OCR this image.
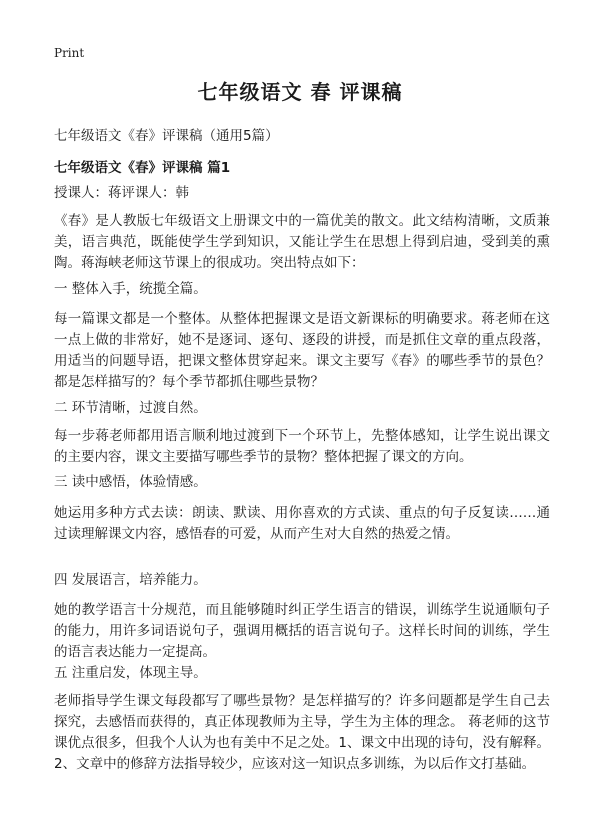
Print
七年级语文 春 评课稿

七年级语文《春》评课稿（通用5篇）

七年级语文《春》评课稿 篇1

授课人：蒋评课人：韩

《春》是人教版七年级语文上册课文中的一篇优美的散文。此文结构清晰，文质兼美，语言典范，既能使学生学到知识，又能让学生在思想上得到启迪，受到美的熏陶。蒋海峡老师这节课上的很成功。突出特点如下：

一 整体入手，统揽全篇。

每一篇课文都是一个整体。从整体把握课文是语文新课标的明确要求。蒋老师在这一点上做的非常好，她不是逐词、逐句、逐段的讲授，而是抓住文章的重点段落，用适当的问题导语，把课文整体贯穿起来。课文主要写《春》的哪些季节的景色？都是怎样描写的？每个季节都抓住哪些景物？

二 环节清晰，过渡自然。

每一步蒋老师都用语言顺利地过渡到下一个环节上，先整体感知，让学生说出课文的主要内容，课文主要描写哪些季节的景物？整体把握了课文的方向。

三 读中感悟，体验情感。

她运用多种方式去读：朗读、默读、用你喜欢的方式读、重点的句子反复读……通过读理解课文内容，感悟春的可爱，从而产生对大自然的热爱之情。

四 发展语言，培养能力。

她的教学语言十分规范，而且能够随时纠正学生语言的错误，训练学生说通顺句子的能力，用许多词语说句子，强调用概括的语言说句子。这样长时间的训练，学生的语言表达能力一定提高。

五 注重启发，体现主导。

老师指导学生课文每段都写了哪些景物？是怎样描写的？许多问题都是学生自己去探究，去感悟而获得的，真正体现教师为主导，学生为主体的理念。 蒋老师的这节课优点很多，但我个人认为也有美中不足之处。1、课文中出现的诗句，没有解释。2、文章中的修辞方法指导较少，应该对这一知识点多训练，为以后作文打基础。
